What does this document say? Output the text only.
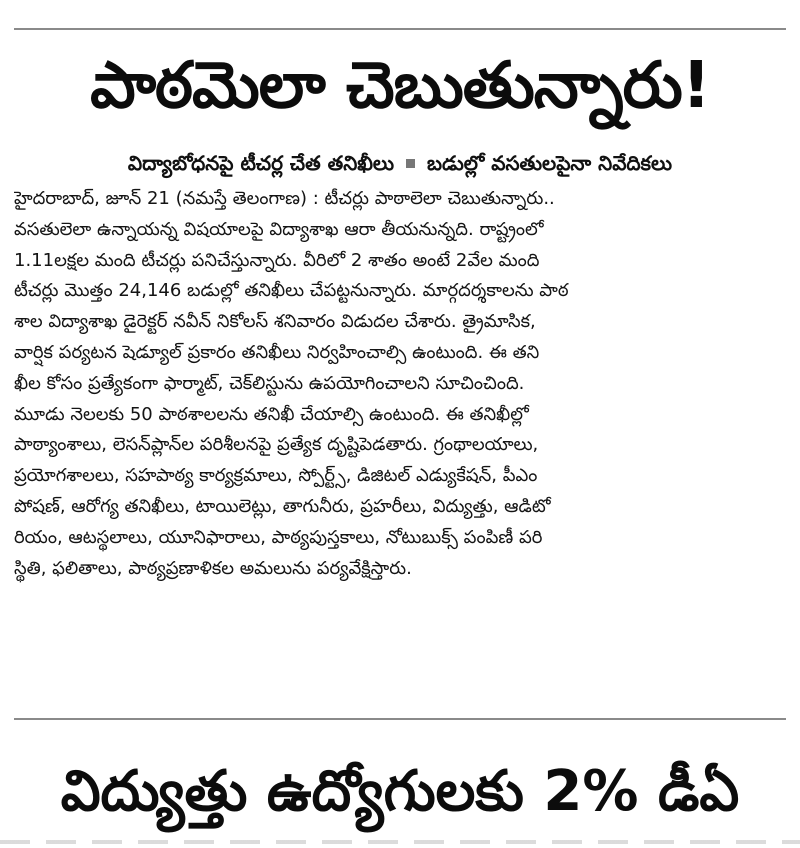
పాఠమెలా చెబుతున్నారు!
విద్యాబోధనపై టీచర్ల చేత తనిఖీలు బడుల్లో వసతులపైనా నివేదికలు
హైదరాబాద్, జూన్ 21 (నమస్తే తెలంగాణ) : టీచర్లు పాఠాలెలా చెబుతున్నారు..
వసతులెలా ఉన్నాయన్న విషయాలపై విద్యాశాఖ ఆరా తీయనున్నది. రాష్ట్రంలో
1.11లక్షల మంది టీచర్లు పనిచేస్తున్నారు. వీరిలో 2 శాతం అంటే 2వేల మంది
టీచర్లు మొత్తం 24,146 బడుల్లో తనిఖీలు చేపట్టనున్నారు. మార్గదర్శకాలను పాఠ
శాల విద్యాశాఖ డైరెక్టర్ నవీన్ నికోలస్ శనివారం విడుదల చేశారు. త్రైమాసిక,
వార్షిక పర్యటన షెడ్యూల్ ప్రకారం తనిఖీలు నిర్వహించాల్సి ఉంటుంది. ఈ తని
ఖీల కోసం ప్రత్యేకంగా ఫార్మాట్, చెక్‌లిస్టును ఉపయోగించాలని సూచించింది.
మూడు నెలలకు 50 పాఠశాలలను తనిఖీ చేయాల్సి ఉంటుంది. ఈ తనిఖీల్లో
పాఠ్యాంశాలు, లెసన్‌ప్లాన్‌ల పరిశీలనపై ప్రత్యేక దృష్టిపెడతారు. గ్రంథాలయాలు,
ప్రయోగశాలలు, సహపాఠ్య కార్యక్రమాలు, స్పోర్ట్స్, డిజిటల్ ఎడ్యుకేషన్, పీఎం
పోషణ్, ఆరోగ్య తనిఖీలు, టాయిలెట్లు, తాగునీరు, ప్రహరీలు, విద్యుత్తు, ఆడిటో
రియం, ఆటస్థలాలు, యూనిఫారాలు, పాఠ్యపుస్తకాలు, నోటుబుక్స్ పంపిణీ పరి
స్థితి, ఫలితాలు, పాఠ్యప్రణాళికల అమలును పర్యవేక్షిస్తారు.
విద్యుత్తు ఉద్యోగులకు 2% డీఏ
